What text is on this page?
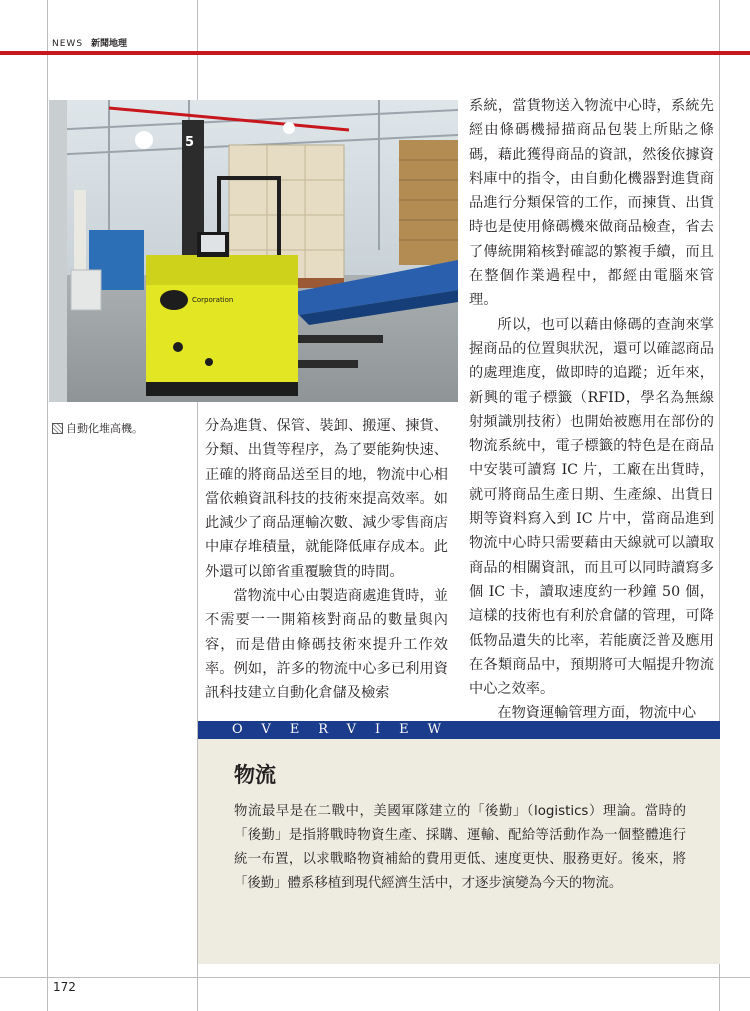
NEWS 新聞地理
5
Corporation
自動化堆高機。	分為進貨、保管、裝卸、搬運、揀貨、分類、出貨等程序，為了要能夠快速、正確的將商品送至目的地，物流中心相當依賴資訊科技的技術來提高效率。如此減少了商品運輸次數、減少零售商店中庫存堆積量，就能降低庫存成本。此外還可以節省重覆驗貨的時間。

當物流中心由製造商處進貨時，並不需要一一開箱核對商品的數量與內容，而是借由條碼技術來提升工作效率。例如，許多的物流中心多已利用資訊科技建立自動化倉儲及檢索

系統，當貨物送入物流中心時，系統先經由條碼機掃描商品包裝上所貼之條碼，藉此獲得商品的資訊，然後依據資料庫中的指令，由自動化機器對進貨商品進行分類保管的工作，而揀貨、出貨時也是使用條碼機來做商品檢查，省去了傳統開箱核對確認的繁複手續，而且在整個作業過程中，都經由電腦來管理。

所以，也可以藉由條碼的查詢來掌握商品的位置與狀況，還可以確認商品的處理進度，做即時的追蹤；近年來，新興的電子標籤（RFID，學名為無線射頻識別技術）也開始被應用在部份的物流系統中，電子標籤的特色是在商品中安裝可讀寫 IC 片，工廠在出貨時，就可將商品生產日期、生產線、出貨日期等資料寫入到 IC 片中，當商品進到物流中心時只需要藉由天線就可以讀取商品的相關資訊，而且可以同時讀寫多個 IC 卡，讀取速度約一秒鐘 50 個，這樣的技術也有利於倉儲的管理，可降低物品遺失的比率，若能廣泛普及應用在各類商品中，預期將可大幅提升物流中心之效率。

在物資運輸管理方面，物流中心

OVERVIEW
物流
物流最早是在二戰中，美國軍隊建立的「後勤」（logistics）理論。當時的「後勤」是指將戰時物資生產、採購、運輸、配給等活動作為一個整體進行統一布置，以求戰略物資補給的費用更低、速度更快、服務更好。後來，將「後勤」體系移植到現代經濟生活中，才逐步演變為今天的物流。
172
